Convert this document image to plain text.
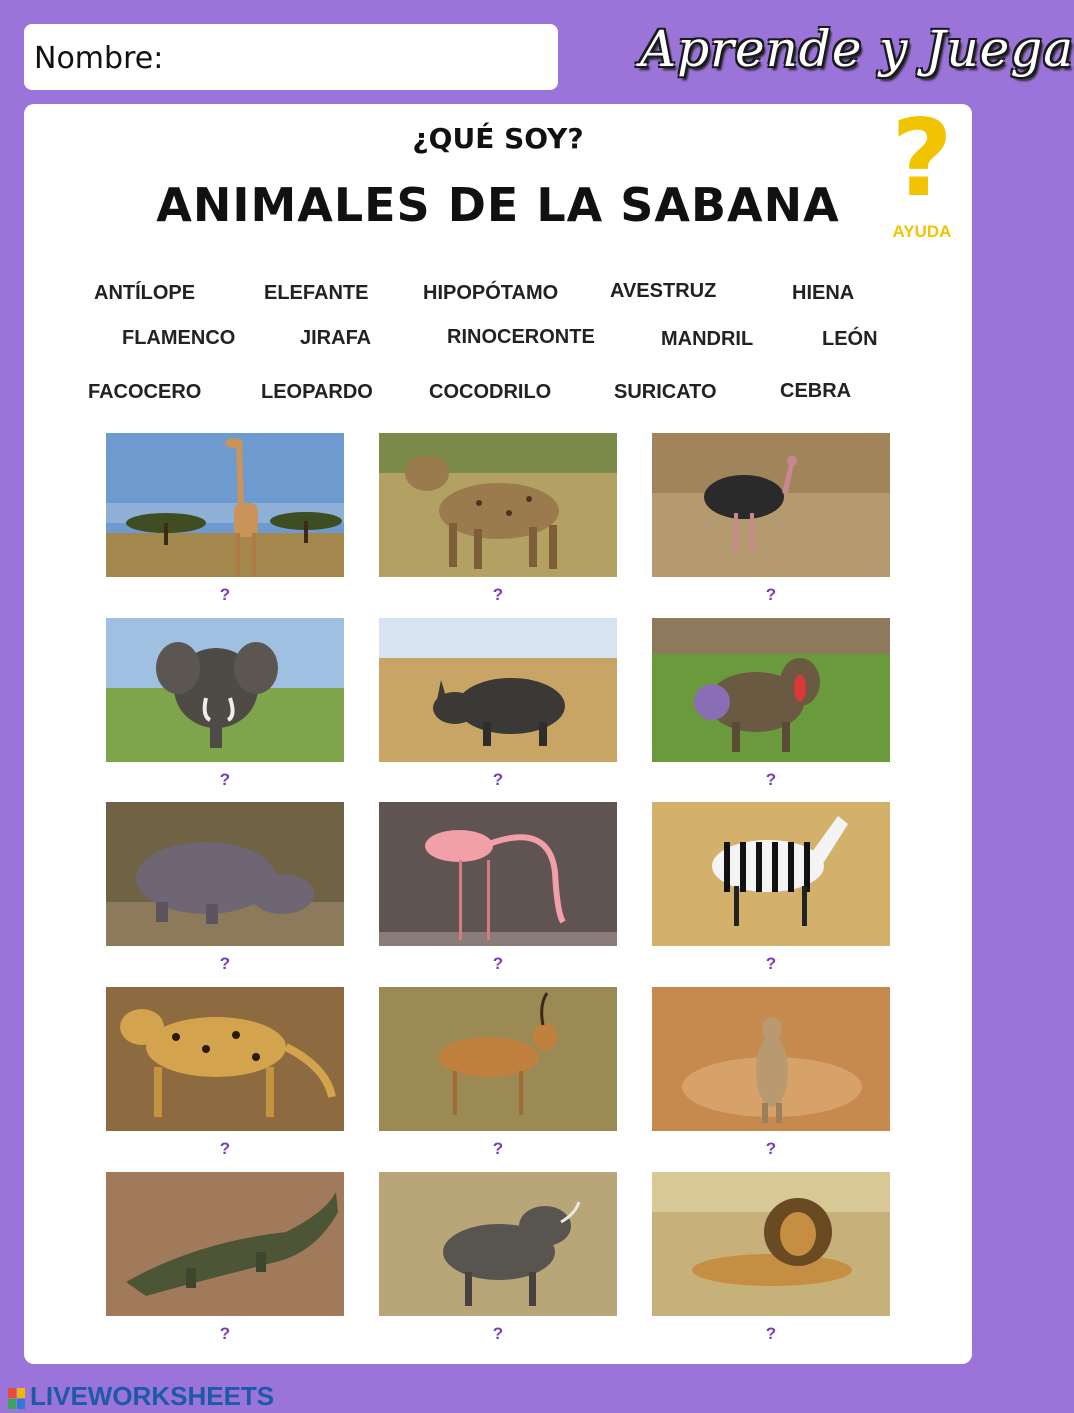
Nombre:	Aprende y Juega
¿QUÉ SOY?
ANIMALES DE LA SABANA ?
AYUDA
ANTÍLOPE	ELEFANTE	HIPOPÓTAMO	AVESTRUZ	HIENA
FLAMENCO	JIRAFA	RINOCERONTE	MANDRIL	LEÓN
FACOCERO	LEOPARDO	COCODRILO	SURICATO	CEBRA
?	?	?
?	?	?
?	?	?
?	?	?
?	?	?
LIVEWORKSHEETS
